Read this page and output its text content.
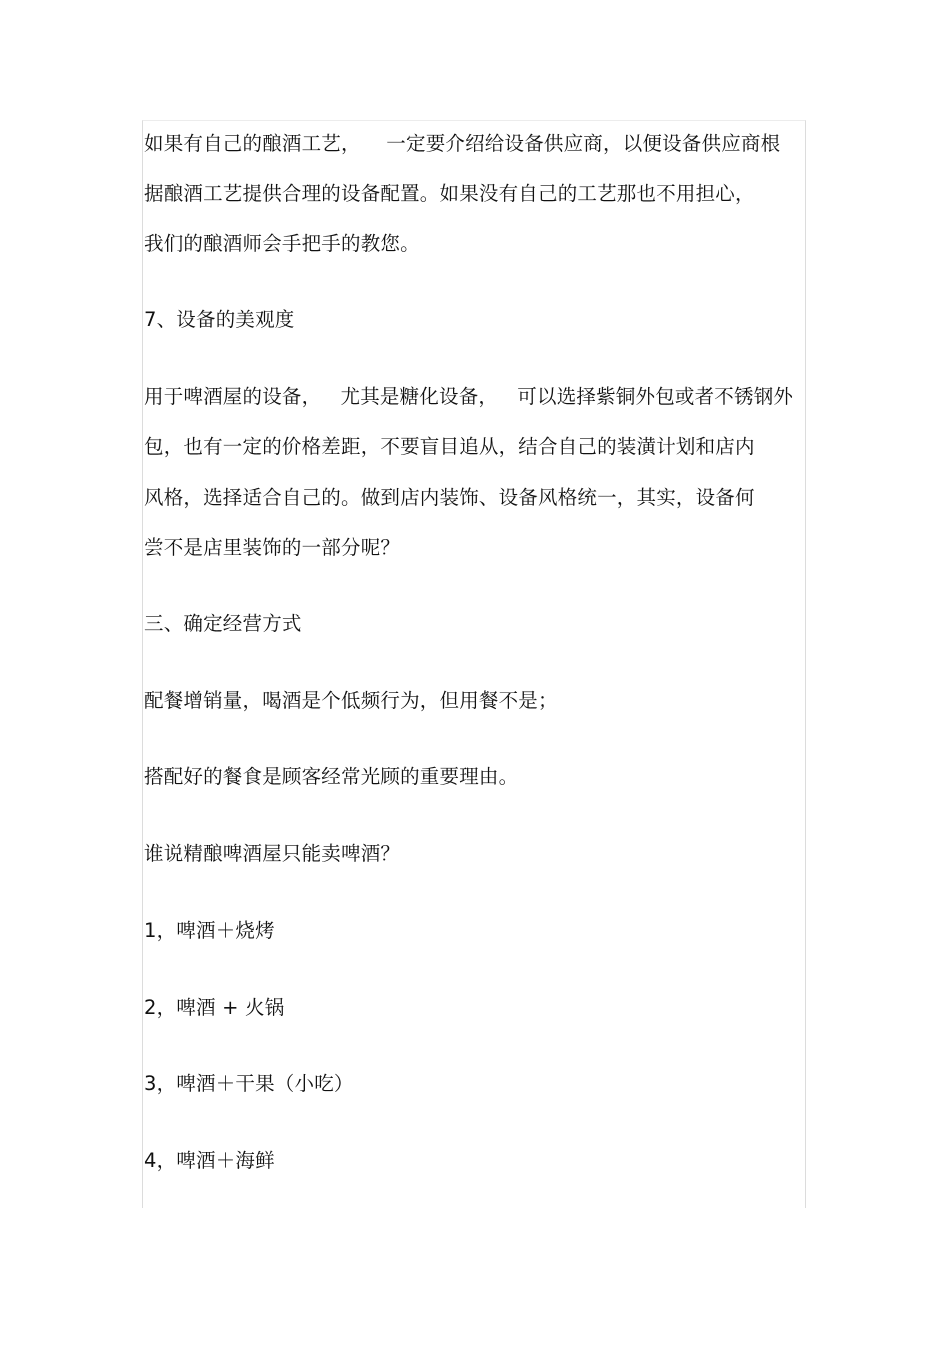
如果有自己的酿酒工艺，    一定要介绍给设备供应商，以便设备供应商根
据酿酒工艺提供合理的设备配置。如果没有自己的工艺那也不用担心，
我们的酿酒师会手把手的教您。
7、设备的美观度
用于啤酒屋的设备，   尤其是糖化设备，   可以选择紫铜外包或者不锈钢外
包，也有一定的价格差距，不要盲目追从，结合自己的装潢计划和店内
风格，选择适合自己的。做到店内装饰、设备风格统一，其实，设备何
尝不是店里装饰的一部分呢？
三、确定经营方式
配餐增销量，喝酒是个低频行为，但用餐不是；
搭配好的餐食是顾客经常光顾的重要理由。
谁说精酿啤酒屋只能卖啤酒？
1，啤酒＋烧烤
2，啤酒 + 火锅
3，啤酒＋干果（小吃）
4，啤酒＋海鲜
